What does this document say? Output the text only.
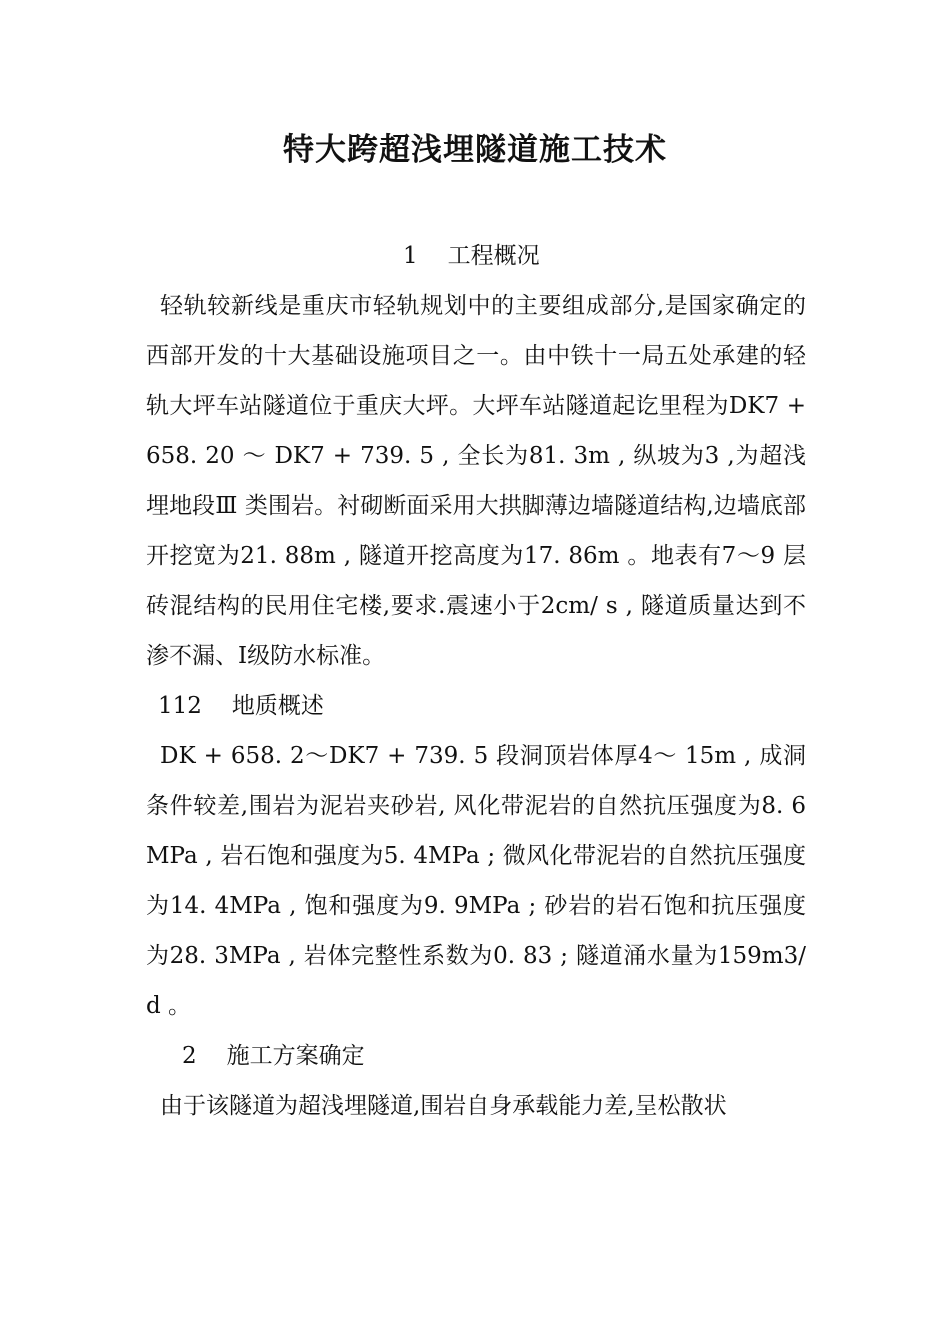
特大跨超浅埋隧道施工技术
1 工程概况

轻轨较新线是重庆市轻轨规划中的主要组成部分,是国家确定的西部开发的十大基础设施项目之一。由中铁十一局五处承建的轻轨大坪车站隧道位于重庆大坪。大坪车站隧道起讫里程为DK7 + 658. 20 ～ DK7 + 739. 5 , 全长为81. 3m , 纵坡为3 ,为超浅埋地段Ⅲ 类围岩。衬砌断面采用大拱脚薄边墙隧道结构,边墙底部开挖宽为21. 88m , 隧道开挖高度为17. 86m 。地表有7～9 层砖混结构的民用住宅楼,要求.震速小于2cm/ s , 隧道质量达到不渗不漏、Ⅰ级防水标准。

112 地质概述

DK + 658. 2～DK7 + 739. 5 段洞顶岩体厚4～ 15m , 成洞条件较差,围岩为泥岩夹砂岩, 风化带泥岩的自然抗压强度为8. 6MPa , 岩石饱和强度为5. 4MPa ; 微风化带泥岩的自然抗压强度为14. 4MPa , 饱和强度为9. 9MPa ; 砂岩的岩石饱和抗压强度为28. 3MPa , 岩体完整性系数为0. 83 ; 隧道涌水量为159m3/ d 。

2 施工方案确定

由于该隧道为超浅埋隧道,围岩自身承载能力差,呈松散状
